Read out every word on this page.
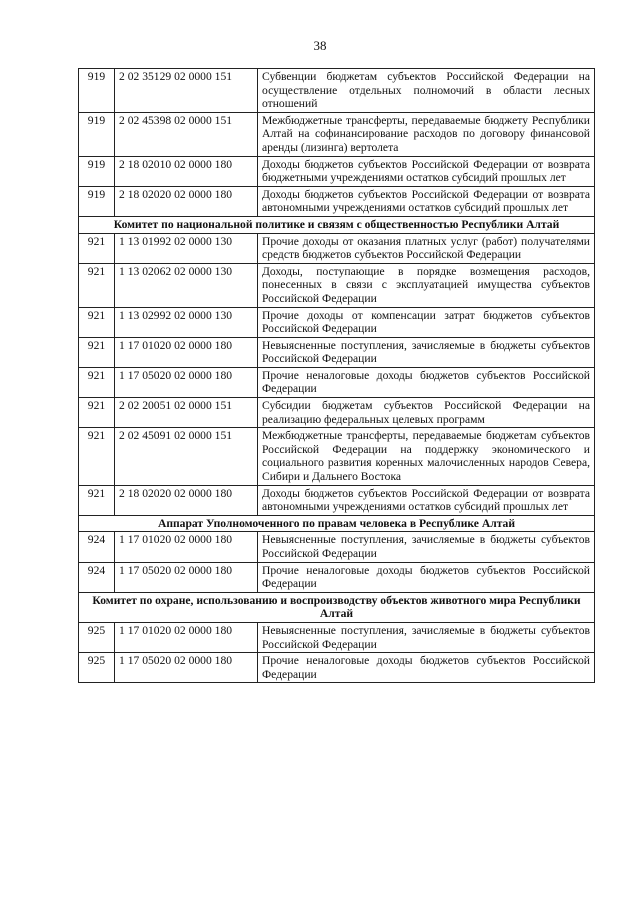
38
919	2 02 35129 02 0000 151	Субвенции бюджетам субъектов Российской Федерации на осуществление отдельных полномочий в области лесных отношений
919	2 02 45398 02 0000 151	Межбюджетные трансферты, передаваемые бюджету Республики Алтай на софинансирование расходов по договору финансовой аренды (лизинга) вертолета
919	2 18 02010 02 0000 180	Доходы бюджетов субъектов Российской Федерации от возврата бюджетными учреждениями остатков субсидий прошлых лет
919	2 18 02020 02 0000 180	Доходы бюджетов субъектов Российской Федерации от возврата автономными учреждениями остатков субсидий прошлых лет
Комитет по национальной политике и связям с общественностью Республики Алтай		
921	1 13 01992 02 0000 130	Прочие доходы от оказания платных услуг (работ) получателями средств бюджетов субъектов Российской Федерации
921	1 13 02062 02 0000 130	Доходы, поступающие в порядке возмещения расходов, понесенных в связи с эксплуатацией имущества субъектов Российской Федерации
921	1 13 02992 02 0000 130	Прочие доходы от компенсации затрат бюджетов субъектов Российской Федерации
921	1 17 01020 02 0000 180	Невыясненные поступления, зачисляемые в бюджеты субъектов Российской Федерации
921	1 17 05020 02 0000 180	Прочие неналоговые доходы бюджетов субъектов Российской Федерации
921	2 02 20051 02 0000 151	Субсидии бюджетам субъектов Российской Федерации на реализацию федеральных целевых программ
921	2 02 45091 02 0000 151	Межбюджетные трансферты, передаваемые бюджетам субъектов Российской Федерации на поддержку экономического и социального развития коренных малочисленных народов Севера, Сибири и Дальнего Востока
921	2 18 02020 02 0000 180	Доходы бюджетов субъектов Российской Федерации от возврата автономными учреждениями остатков субсидий прошлых лет
Аппарат Уполномоченного по правам человека в Республике Алтай		
924	1 17 01020 02 0000 180	Невыясненные поступления, зачисляемые в бюджеты субъектов Российской Федерации
924	1 17 05020 02 0000 180	Прочие неналоговые доходы бюджетов субъектов Российской Федерации
Комитет по охране, использованию и воспроизводству объектов животного мира Республики Алтай		
925	1 17 01020 02 0000 180	Невыясненные поступления, зачисляемые в бюджеты субъектов Российской Федерации
925	1 17 05020 02 0000 180	Прочие неналоговые доходы бюджетов субъектов Российской Федерации
